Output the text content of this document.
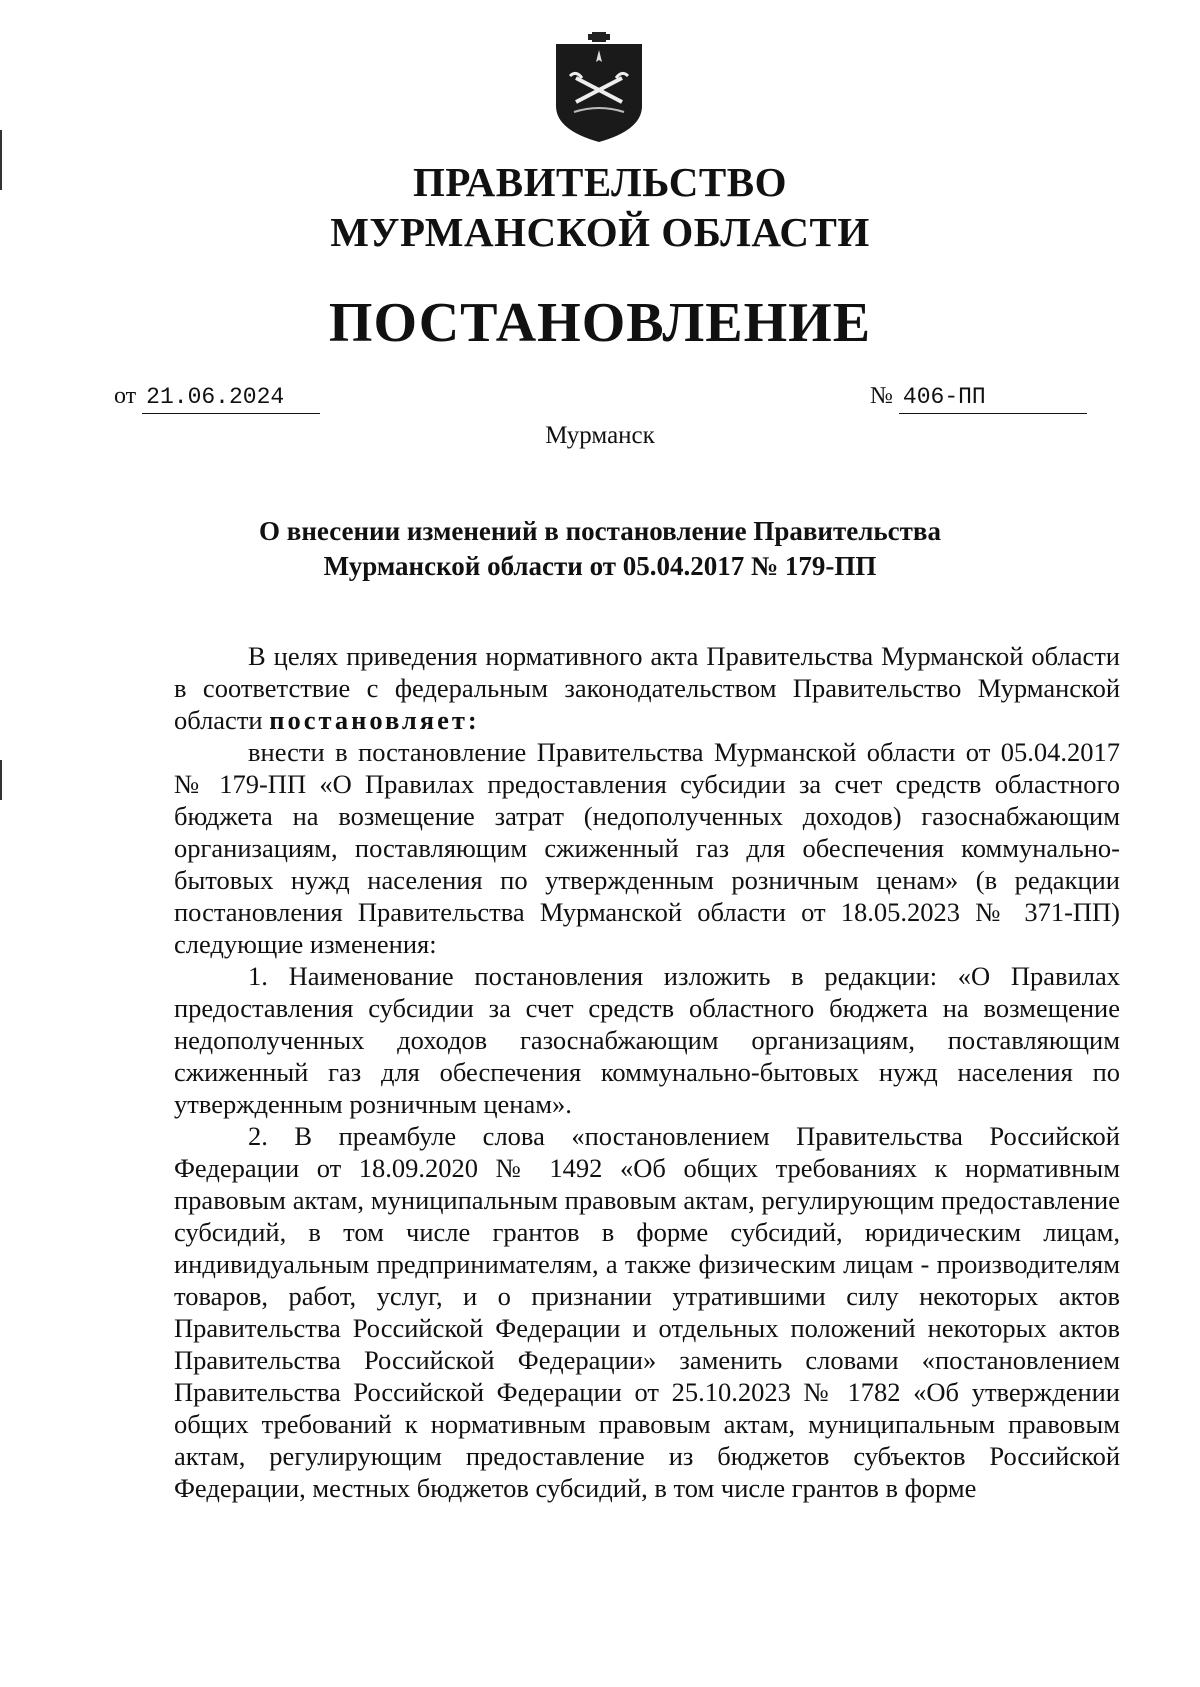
ПРАВИТЕЛЬСТВО
МУРМАНСКОЙ ОБЛАСТИ
ПОСТАНОВЛЕНИЕ
от 21.06.2024	№ 406-ПП
Мурманск
О внесении изменений в постановление Правительства
Мурманской области от 05.04.2017 № 179-ПП

В целях приведения нормативного акта Правительства Мурманской области в соответствие с федеральным законодательством Правительство Мурманской области постановляет:

внести в постановление Правительства Мурманской области от 05.04.2017 № 179-ПП «О Правилах предоставления субсидии за счет средств областного бюджета на возмещение затрат (недополученных доходов) газоснабжающим организациям, поставляющим сжиженный газ для обеспечения коммунально-бытовых нужд населения по утвержденным розничным ценам» (в редакции постановления Правительства Мурманской области от 18.05.2023 № 371-ПП) следующие изменения:

1. Наименование постановления изложить в редакции: «О Правилах предоставления субсидии за счет средств областного бюджета на возмещение недополученных доходов газоснабжающим организациям, поставляющим сжиженный газ для обеспечения коммунально-бытовых нужд населения по утвержденным розничным ценам».

2. В преамбуле слова «постановлением Правительства Российской Федерации от 18.09.2020 № 1492 «Об общих требованиях к нормативным правовым актам, муниципальным правовым актам, регулирующим предоставление субсидий, в том числе грантов в форме субсидий, юридическим лицам, индивидуальным предпринимателям, а также физическим лицам - производителям товаров, работ, услуг, и о признании утратившими силу некоторых актов Правительства Российской Федерации и отдельных положений некоторых актов Правительства Российской Федерации» заменить словами «постановлением Правительства Российской Федерации от 25.10.2023 № 1782 «Об утверждении общих требований к нормативным правовым актам, муниципальным правовым актам, регулирующим предоставление из бюджетов субъектов Российской Федерации, местных бюджетов субсидий, в том числе грантов в форме
